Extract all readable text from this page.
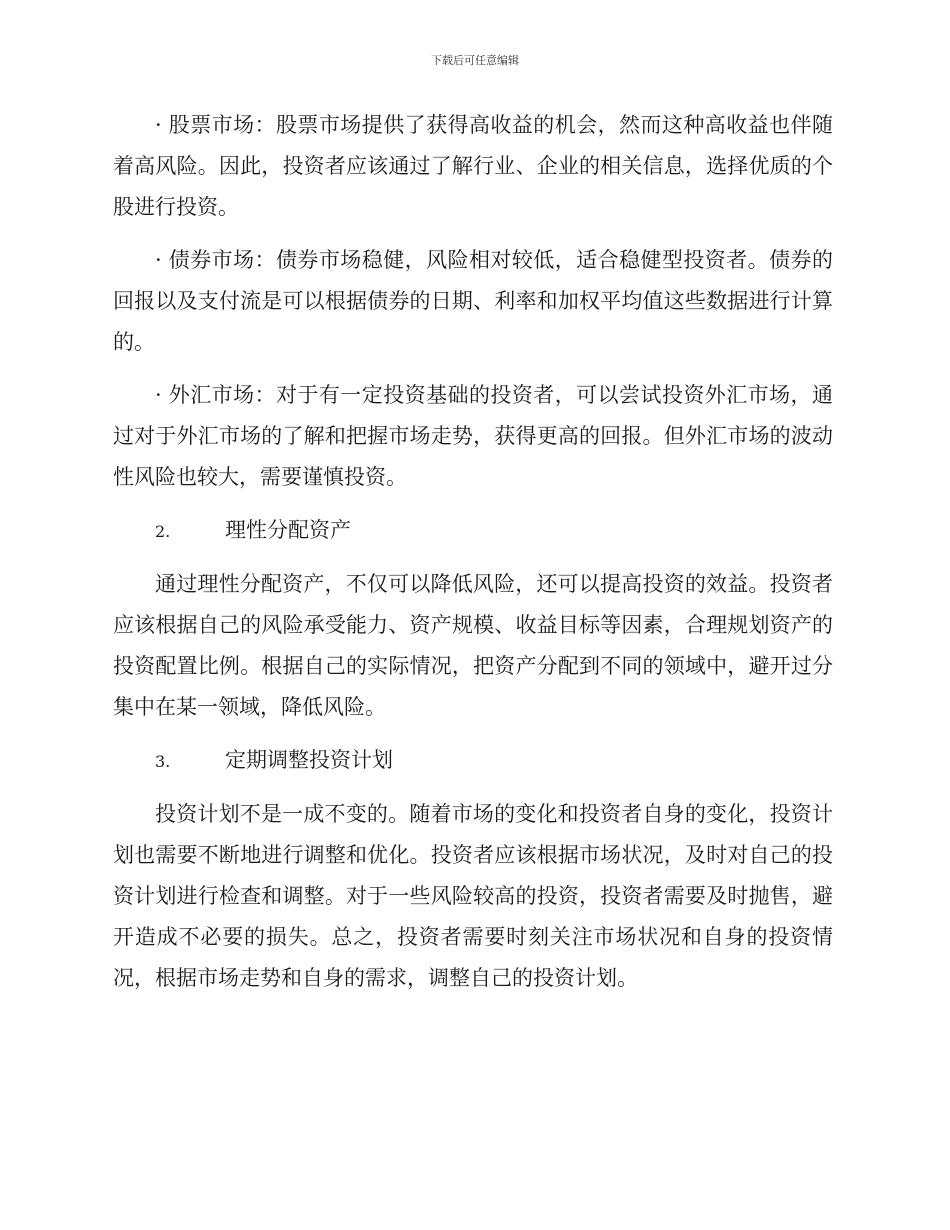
下载后可任意编辑

· 股票市场：股票市场提供了获得高收益的机会，然而这种高收益也伴随着高风险。因此，投资者应该通过了解行业、企业的相关信息，选择优质的个股进行投资。

· 债券市场：债券市场稳健，风险相对较低，适合稳健型投资者。债券的回报以及支付流是可以根据债券的日期、利率和加权平均值这些数据进行计算的。

· 外汇市场：对于有一定投资基础的投资者，可以尝试投资外汇市场，通过对于外汇市场的了解和把握市场走势，获得更高的回报。但外汇市场的波动性风险也较大，需要谨慎投资。

2.	理性分配资产

通过理性分配资产，不仅可以降低风险，还可以提高投资的效益。投资者应该根据自己的风险承受能力、资产规模、收益目标等因素，合理规划资产的投资配置比例。根据自己的实际情况，把资产分配到不同的领域中，避开过分集中在某一领域，降低风险。

3.	定期调整投资计划

投资计划不是一成不变的。随着市场的变化和投资者自身的变化，投资计划也需要不断地进行调整和优化。投资者应该根据市场状况，及时对自己的投资计划进行检查和调整。对于一些风险较高的投资，投资者需要及时抛售，避开造成不必要的损失。总之，投资者需要时刻关注市场状况和自身的投资情况，根据市场走势和自身的需求，调整自己的投资计划。
